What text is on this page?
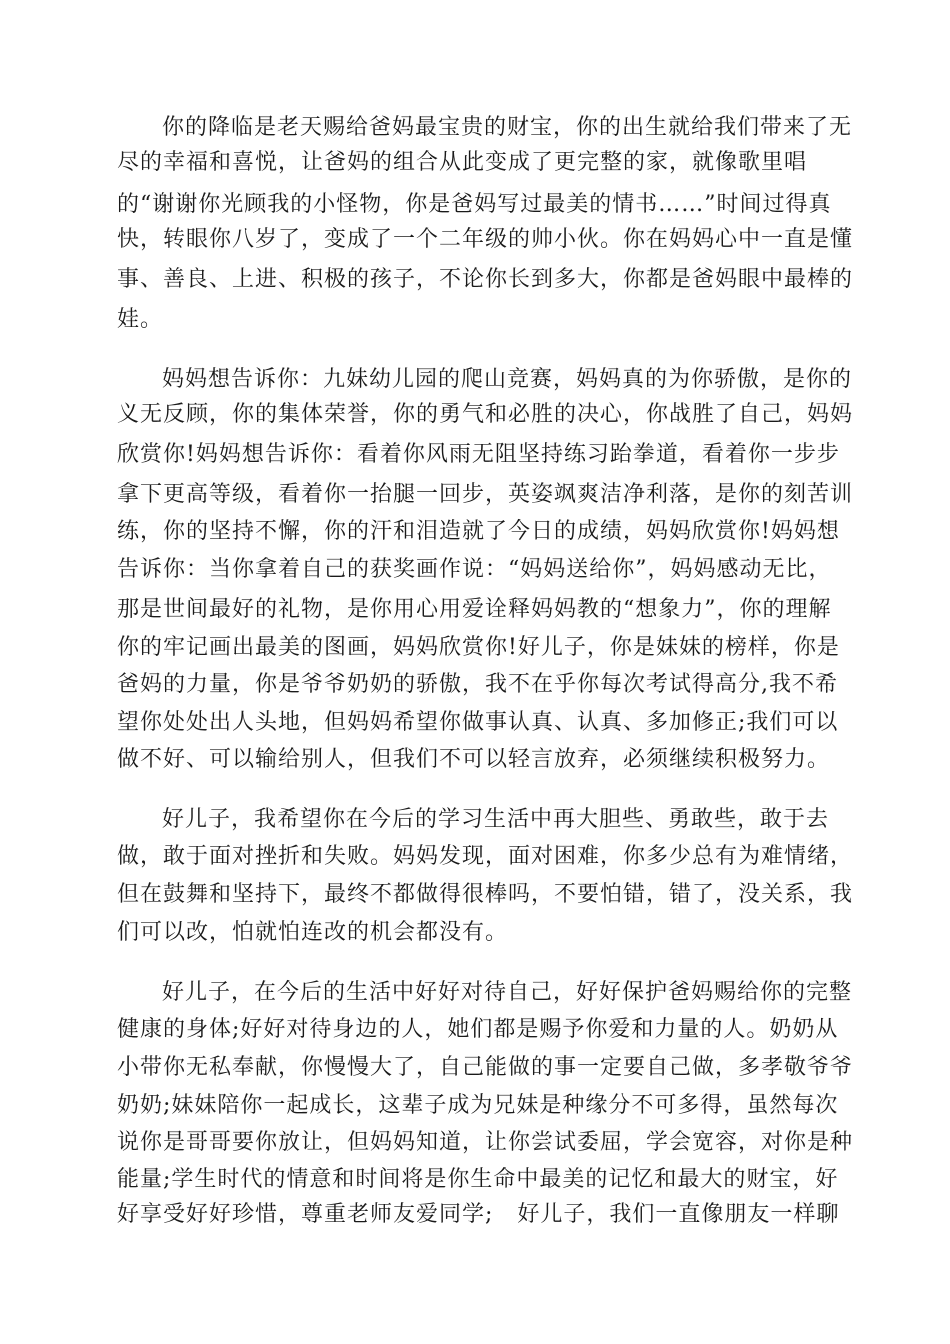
你的降临是老天赐给爸妈最宝贵的财宝，你的出生就给我们带来了无

尽的幸福和喜悦，让爸妈的组合从此变成了更完整的家，就像歌里唱

的“谢谢你光顾我的小怪物，你是爸妈写过最美的情书……”时间过得真

快，转眼你八岁了，变成了一个二年级的帅小伙。你在妈妈心中一直是懂

事、善良、上进、积极的孩子，不论你长到多大，你都是爸妈眼中最棒的

娃。

妈妈想告诉你：九妹幼儿园的爬山竞赛，妈妈真的为你骄傲，是你的

义无反顾，你的集体荣誉，你的勇气和必胜的决心，你战胜了自己，妈妈

欣赏你!妈妈想告诉你：看着你风雨无阻坚持练习跆拳道，看着你一步步

拿下更高等级，看着你一抬腿一回步，英姿飒爽洁净利落，是你的刻苦训

练，你的坚持不懈，你的汗和泪造就了今日的成绩，妈妈欣赏你!妈妈想

告诉你：当你拿着自己的获奖画作说：“妈妈送给你”，妈妈感动无比，

那是世间最好的礼物，是你用心用爱诠释妈妈教的“想象力”，你的理解

你的牢记画出最美的图画，妈妈欣赏你!好儿子，你是妹妹的榜样，你是

爸妈的力量，你是爷爷奶奶的骄傲，我不在乎你每次考试得高分,我不希

望你处处出人头地，但妈妈希望你做事认真、认真、多加修正;我们可以

做不好、可以输给别人，但我们不可以轻言放弃，必须继续积极努力。

好儿子，我希望你在今后的学习生活中再大胆些、勇敢些，敢于去

做，敢于面对挫折和失败。妈妈发现，面对困难，你多少总有为难情绪，

但在鼓舞和坚持下，最终不都做得很棒吗，不要怕错，错了，没关系，我

们可以改，怕就怕连改的机会都没有。

好儿子，在今后的生活中好好对待自己，好好保护爸妈赐给你的完整

健康的身体;好好对待身边的人，她们都是赐予你爱和力量的人。奶奶从

小带你无私奉献，你慢慢大了，自己能做的事一定要自己做，多孝敬爷爷

奶奶;妹妹陪你一起成长，这辈子成为兄妹是种缘分不可多得，虽然每次

说你是哥哥要你放让，但妈妈知道，让你尝试委屈，学会宽容，对你是种

能量;学生时代的情意和时间将是你生命中最美的记忆和最大的财宝，好

好享受好好珍惜，尊重老师友爱同学;   好儿子，我们一直像朋友一样聊
